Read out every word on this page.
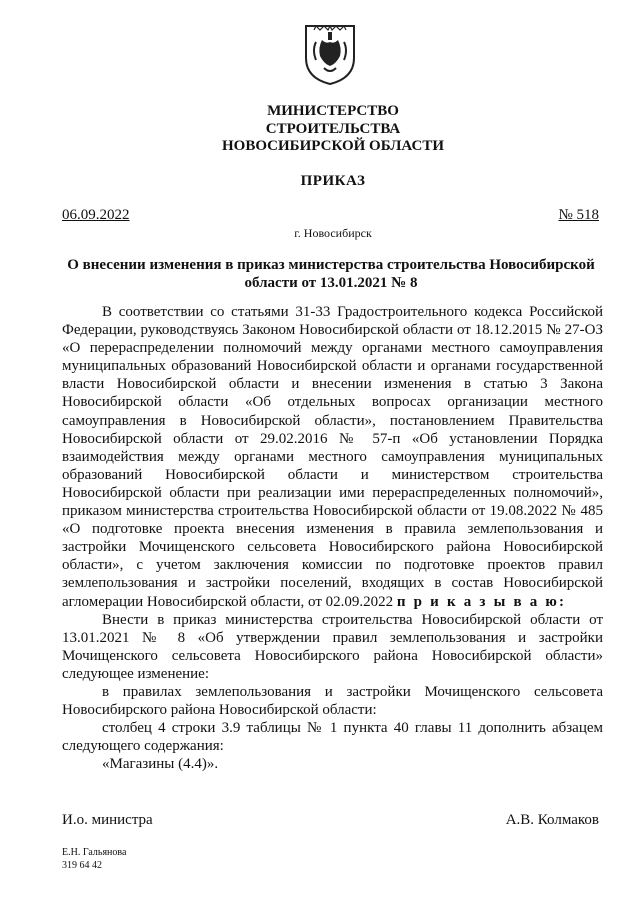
МИНИСТЕРСТВО
СТРОИТЕЛЬСТВА
НОВОСИБИРСКОЙ ОБЛАСТИ
ПРИКАЗ
06.09.2022	№ 518
г. Новосибирск
О внесении изменения в приказ министерства строительства Новосибирской области от 13.01.2021 № 8

В соответствии со статьями 31-33 Градостроительного кодекса Российской Федерации, руководствуясь Законом Новосибирской области от 18.12.2015 № 27-ОЗ «О перераспределении полномочий между органами местного самоуправления муниципальных образований Новосибирской области и органами государственной власти Новосибирской области и внесении изменения в статью 3 Закона Новосибирской области «Об отдельных вопросах организации местного самоуправления в Новосибирской области», постановлением Правительства Новосибирской области от 29.02.2016 № 57-п «Об установлении Порядка взаимодействия между органами местного самоуправления муниципальных образований Новосибирской области и министерством строительства Новосибирской области при реализации ими перераспределенных полномочий», приказом министерства строительства Новосибирской области от 19.08.2022 № 485 «О подготовке проекта внесения изменения в правила землепользования и застройки Мочищенского сельсовета Новосибирского района Новосибирской области», с учетом заключения комиссии по подготовке проектов правил землепользования и застройки поселений, входящих в состав Новосибирской агломерации Новосибирской области, от 02.09.2022 п р и к а з ы в а ю:

Внести в приказ министерства строительства Новосибирской области от 13.01.2021 № 8 «Об утверждении правил землепользования и застройки Мочищенского сельсовета Новосибирского района Новосибирской области» следующее изменение:

в правилах землепользования и застройки Мочищенского сельсовета Новосибирского района Новосибирской области:

столбец 4 строки 3.9 таблицы № 1 пункта 40 главы 11 дополнить абзацем следующего содержания:

«Магазины (4.4)».

И.о. министра	А.В. Колмаков
Е.Н. Гальянова
319 64 42
